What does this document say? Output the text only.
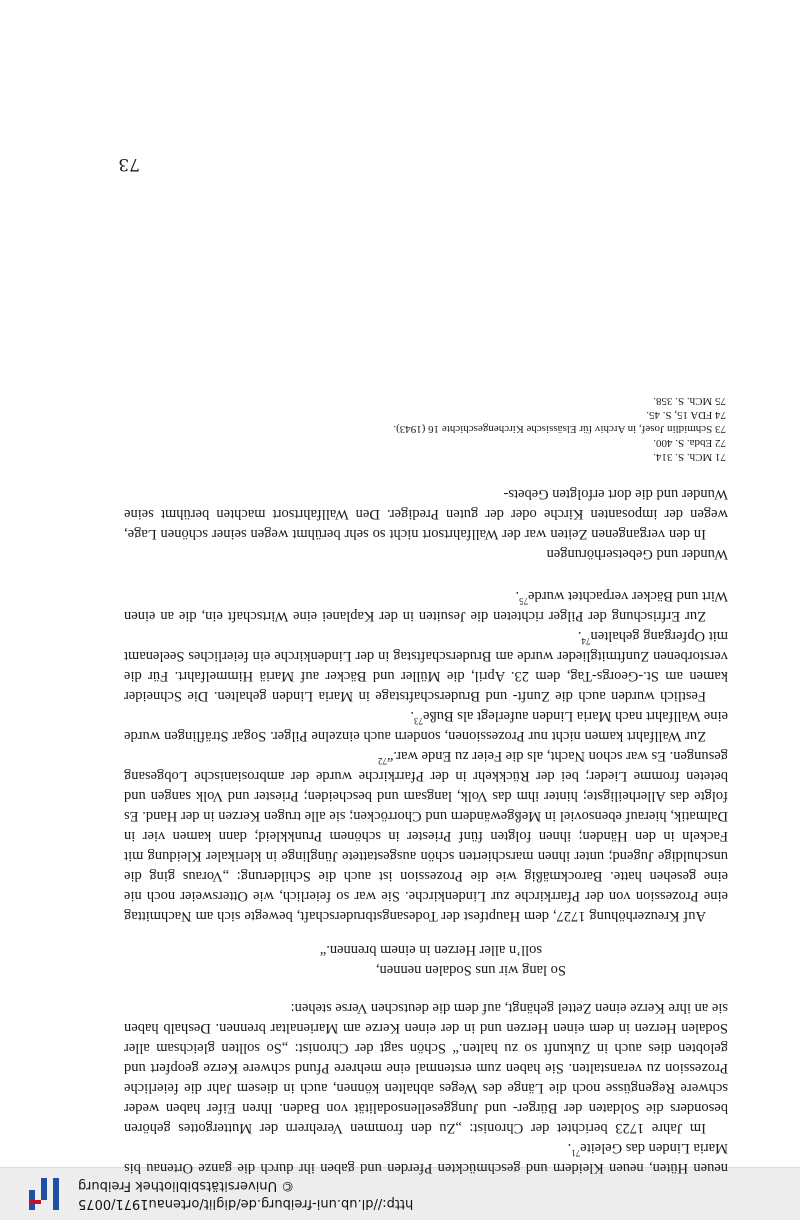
http://dl.ub.uni-freiburg.de/diglit/ortenau1971/0075
© Universitätsbibliothek Freiburg

neuen Hüten, neuen Kleidern und geschmückten Pferden und gaben ihr durch die ganze Ortenau bis Maria Linden das Geleite$^{71}$.

Im Jahre 1723 berichtet der Chronist: „Zu den frommen Verehrern der Muttergottes gehören besonders die Soldaten der Bürger- und Junggesellensodalität von Baden. Ihren Eifer haben weder schwere Regengüsse noch die Länge des Weges abhalten können, auch in diesem Jahr die feierliche Prozession zu veranstalten. Sie haben zum erstenmal eine mehrere Pfund schwere Kerze geopfert und gelobten dies auch in Zukunft so zu halten.“ Schön sagt der Chronist: „So sollten gleichsam aller Sodalen Herzen in dem einen Herzen und in der einen Kerze am Marienaltar brennen. Deshalb haben sie an ihre Kerze einen Zettel gehängt, auf dem die deutschen Verse stehen:

So lang wir uns Sodalen nennen,
soll’n aller Herzen in einem brennen.“

Auf Kreuzerhöhung 1727, dem Hauptfest der Todesangstbruderschaft, bewegte sich am Nachmittag eine Prozession von der Pfarrkirche zur Lindenkirche. Sie war so feierlich, wie Ottersweier noch nie eine gesehen hatte. Barockmäßig wie die Prozession ist auch die Schilderung: „Voraus ging die unschuldige Jugend; unter ihnen marschierten schön ausgestattete Jünglinge in klerikaler Kleidung mit Fackeln in den Händen; ihnen folgten fünf Priester in schönem Prunkkleid; dann kamen vier in Dalmatik, hierauf ebensoviel in Meßgewändern und Chorröcken; sie alle trugen Kerzen in der Hand. Es folgte das Allerheiligste; hinter ihm das Volk, langsam und bescheiden; Priester und Volk sangen und beteten fromme Lieder; bei der Rückkehr in der Pfarrkirche wurde der ambrosianische Lobgesang gesungen. Es war schon Nacht, als die Feier zu Ende war.“$^{72}$

Zur Wallfahrt kamen nicht nur Prozessionen, sondern auch einzelne Pilger. Sogar Sträflingen wurde eine Wallfahrt nach Maria Linden auferlegt als Buße$^{73}$.

Festlich wurden auch die Zunft- und Bruderschaftstage in Maria Linden gehalten. Die Schneider kamen am St.-Georgs-Tag, dem 23. April, die Müller und Bäcker auf Mariä Himmelfahrt. Für die verstorbenen Zunftmitglieder wurde am Bruderschaftstag in der Lindenkirche ein feierliches Seelenamt mit Opfergang gehalten$^{74}$.

Zur Erfrischung der Pilger richteten die Jesuiten in der Kaplanei eine Wirtschaft ein, die an einen Wirt und Bäcker verpachtet wurde$^{75}$.

Wunder und Gebetserhörungen

In den vergangenen Zeiten war der Wallfahrtsort nicht so sehr berühmt wegen seiner schönen Lage, wegen der imposanten Kirche oder der guten Prediger. Den Wallfahrtsort machten berühmt seine Wunder und die dort erfolgten Gebets-

71 MCh. S. 314.
72 Ebda. S. 400.
73 Schmidlin Josef, in Archiv für Elsässische Kirchengeschichte 16 (1943).
74 FDA 15, S. 45.
75 MCh. S. 358.
73
